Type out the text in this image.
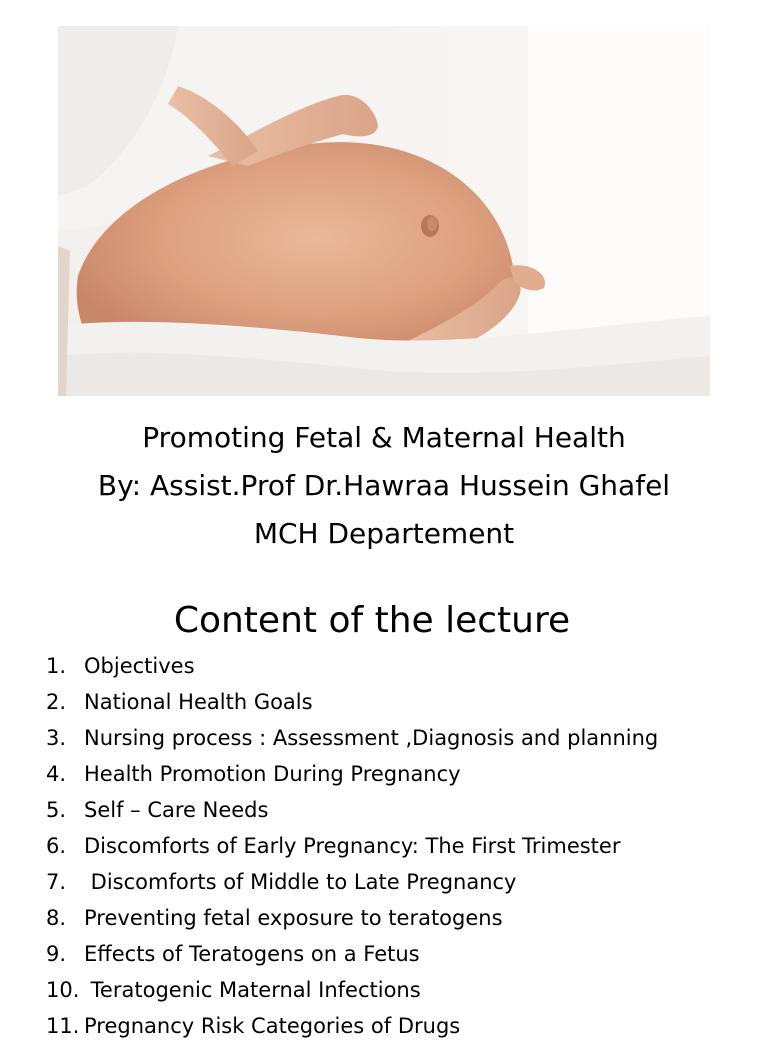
Promoting Fetal & Maternal Health
By: Assist.Prof Dr.Hawraa Hussein Ghafel
MCH Departement
Content of the lecture
1. Objectives
2. National Health Goals
3. Nursing process : Assessment ,Diagnosis and planning
4. Health Promotion During Pregnancy
5. Self – Care Needs
6. Discomforts of Early Pregnancy: The First Trimester
7. Discomforts of Middle to Late Pregnancy
8. Preventing fetal exposure to teratogens
9. Effects of Teratogens on a Fetus
10. Teratogenic Maternal Infections
11. Pregnancy Risk Categories of Drugs
